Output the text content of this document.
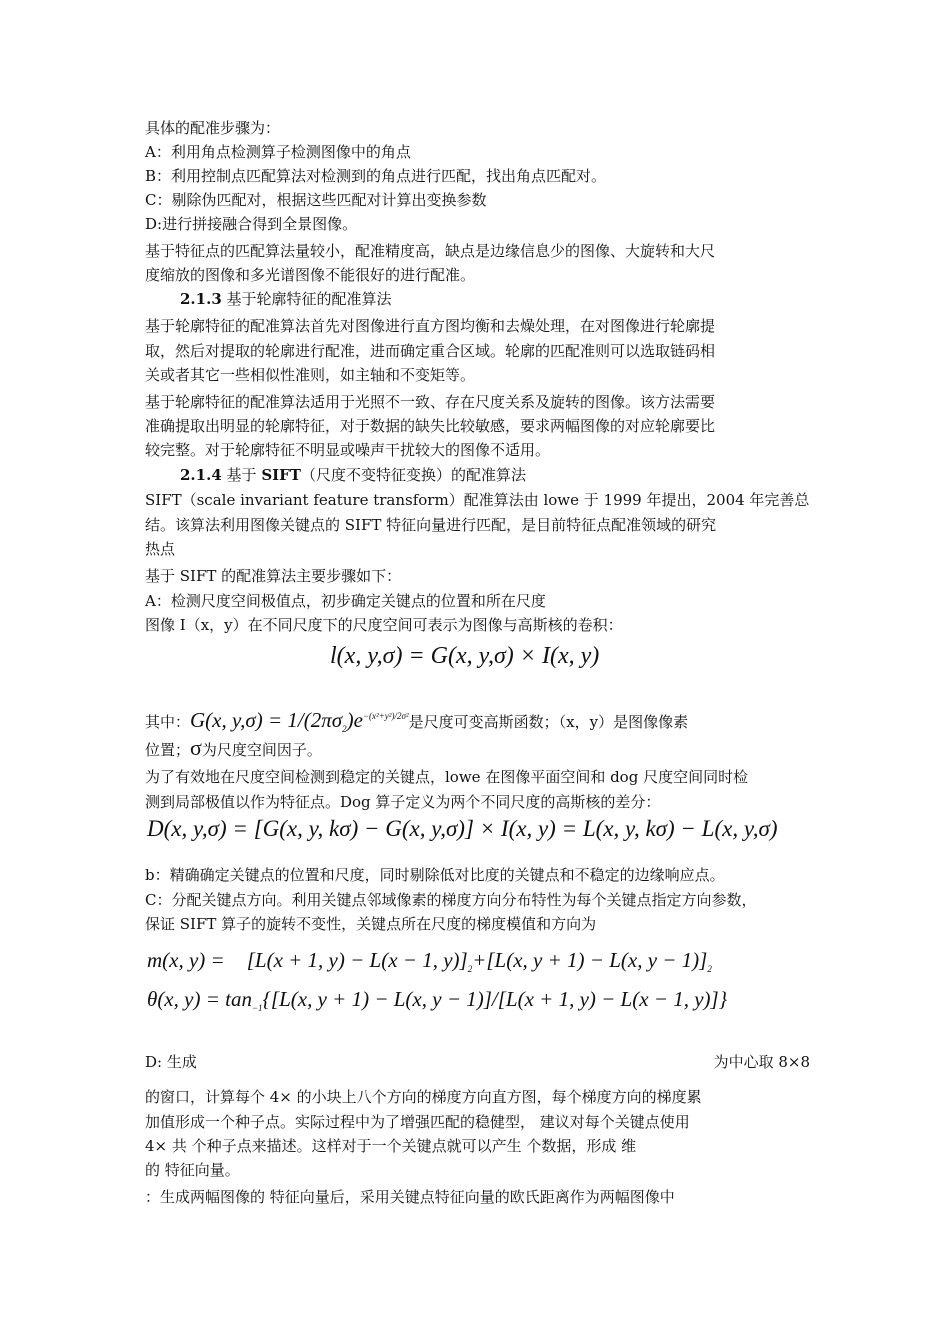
具体的配准步骤为：
A：利用角点检测算子检测图像中的角点
B：利用控制点匹配算法对检测到的角点进行匹配，找出角点匹配对。
C：剔除伪匹配对，根据这些匹配对计算出变换参数
D:进行拼接融合得到全景图像。
基于特征点的匹配算法量较小，配准精度高，缺点是边缘信息少的图像、大旋转和大尺
度缩放的图像和多光谱图像不能很好的进行配准。
2.1.3 基于轮廓特征的配准算法
基于轮廓特征的配准算法首先对图像进行直方图均衡和去燥处理，在对图像进行轮廓提
取，然后对提取的轮廓进行配准，进而确定重合区域。轮廓的匹配准则可以选取链码相
关或者其它一些相似性准则，如主轴和不变矩等。
基于轮廓特征的配准算法适用于光照不一致、存在尺度关系及旋转的图像。该方法需要
准确提取出明显的轮廓特征，对于数据的缺失比较敏感，要求两幅图像的对应轮廓要比
较完整。对于轮廓特征不明显或噪声干扰较大的图像不适用。
2.1.4 基于 SIFT（尺度不变特征变换）的配准算法
SIFT（scale invariant feature transform）配准算法由 lowe 于 1999 年提出，2004 年完善总
结。该算法利用图像关键点的 SIFT 特征向量进行匹配，是目前特征点配准领域的研究
热点
基于 SIFT 的配准算法主要步骤如下：
A：检测尺度空间极值点，初步确定关键点的位置和所在尺度
图像 I（x，y）在不同尺度下的尺度空间可表示为图像与高斯核的卷积：
l(x, y,σ) = G(x, y,σ) × I(x, y)
其中：G(x, $y,\sigma) = 1/(2\pi\sigma_2)e^{-(x^2+y^2)/2\sigma^2}$是尺度可变高斯函数；（x，y）是图像像素
位置；σ为尺度空间因子。
为了有效地在尺度空间检测到稳定的关键点，lowe 在图像平面空间和 dog 尺度空间同时检
测到局部极值以作为特征点。Dog 算子定义为两个不同尺度的高斯核的差分：
D(x, y,σ) = [G(x, y, kσ) − G(x, y,σ)] × I(x, y) = L(x, y, kσ) − L(x, y,σ)
b：精确确定关键点的位置和尺度，同时剔除低对比度的关键点和不稳定的边缘响应点。
C：分配关键点方向。利用关键点邻域像素的梯度方向分布特性为每个关键点指定方向参数，
保证 SIFT 算子的旋转不变性，关键点所在尺度的梯度模值和方向为
m(x, y) = [L(x + 1, y) − L(x − 1, $y)]_2+[L(x$, y + 1) − L(x, $y - 1)]_2$
θ(x, $y) = \tan_{-1}\{[L(x$, y + 1) − L(x, y − 1)]/[L(x + 1, y) − L(x − 1, y)]}
D: 生成	为中心取 8×8
的窗口，计算每个 4× 的小块上八个方向的梯度方向直方图，每个梯度方向的梯度累
加值形成一个种子点。实际过程中为了增强匹配的稳健型， 建议对每个关键点使用
4× 共 个种子点来描述。这样对于一个关键点就可以产生 个数据，形成 维
的 特征向量。
：生成两幅图像的 特征向量后，采用关键点特征向量的欧氏距离作为两幅图像中
